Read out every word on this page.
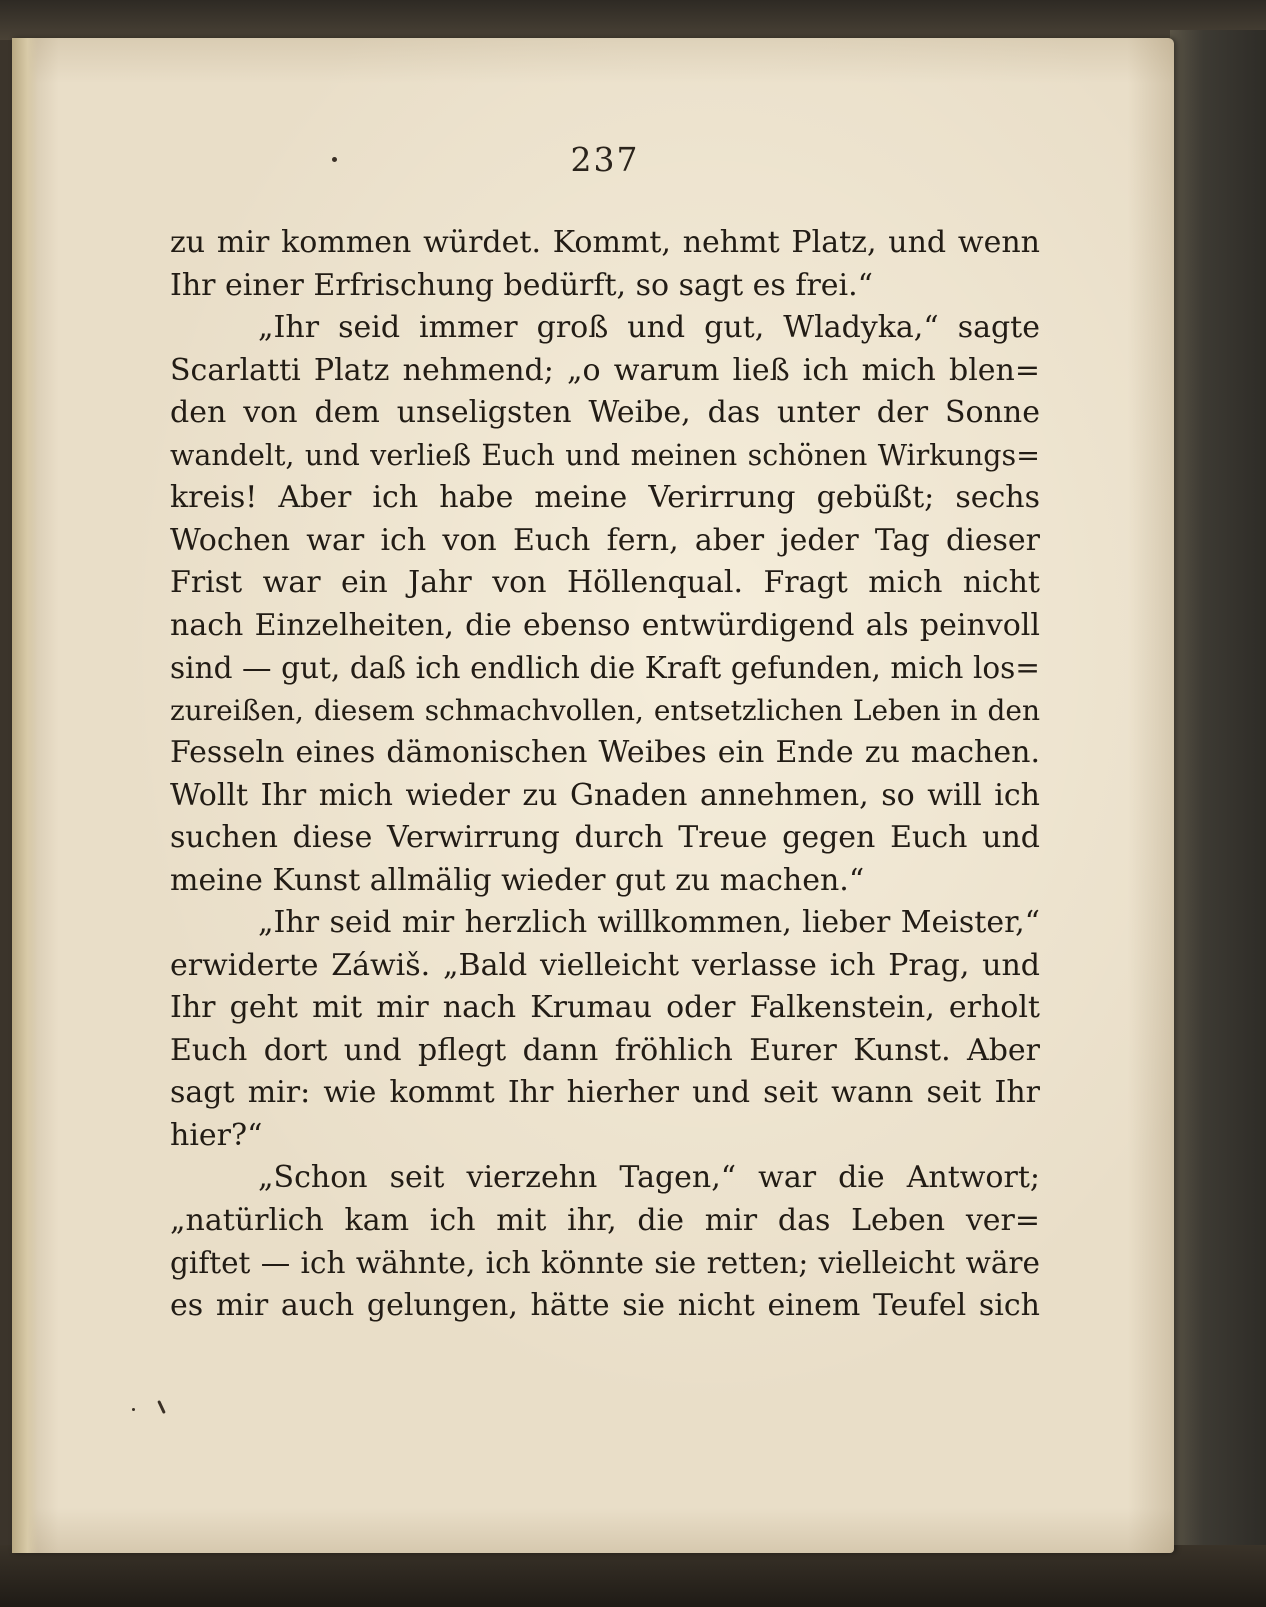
237
zu mir kommen würdet. Kommt, nehmt Platz, und wenn
Ihr einer Erfrischung bedürft, so sagt es frei.“
„Ihr seid immer groß und gut, Wladyka,“ sagte
Scarlatti Platz nehmend; „o warum ließ ich mich blen=
den von dem unseligsten Weibe, das unter der Sonne
wandelt, und verließ Euch und meinen schönen Wirkungs=
kreis! Aber ich habe meine Verirrung gebüßt; sechs
Wochen war ich von Euch fern, aber jeder Tag dieser
Frist war ein Jahr von Höllenqual. Fragt mich nicht
nach Einzelheiten, die ebenso entwürdigend als peinvoll
sind — gut, daß ich endlich die Kraft gefunden, mich los=
zureißen, diesem schmachvollen, entsetzlichen Leben in den
Fesseln eines dämonischen Weibes ein Ende zu machen.
Wollt Ihr mich wieder zu Gnaden annehmen, so will ich
suchen diese Verwirrung durch Treue gegen Euch und
meine Kunst allmälig wieder gut zu machen.“
„Ihr seid mir herzlich willkommen, lieber Meister,“
erwiderte Záwiš. „Bald vielleicht verlasse ich Prag, und
Ihr geht mit mir nach Krumau oder Falkenstein, erholt
Euch dort und pflegt dann fröhlich Eurer Kunst. Aber
sagt mir: wie kommt Ihr hierher und seit wann seit Ihr
hier?“
„Schon seit vierzehn Tagen,“ war die Antwort;
„natürlich kam ich mit ihr, die mir das Leben ver=
giftet — ich wähnte, ich könnte sie retten; vielleicht wäre
es mir auch gelungen, hätte sie nicht einem Teufel sich
